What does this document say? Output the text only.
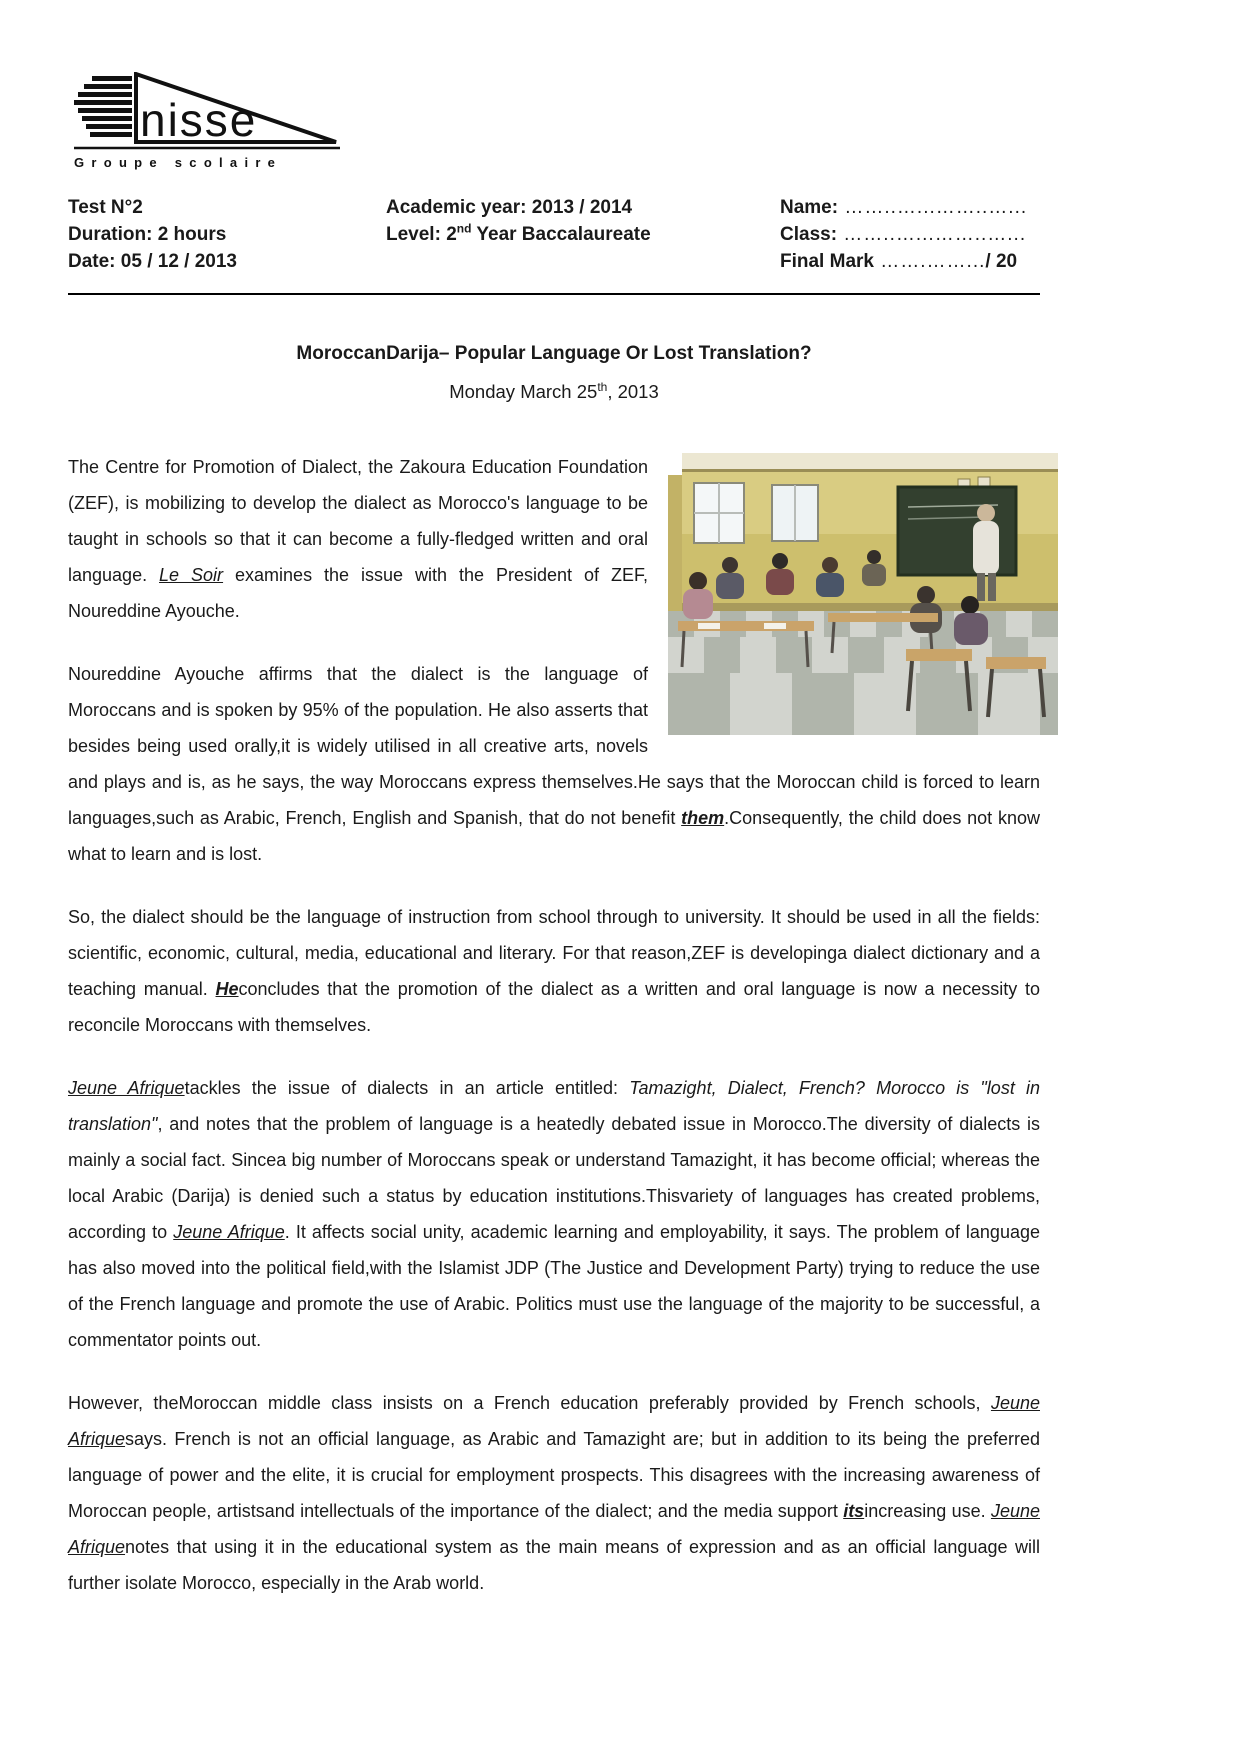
nisse
Groupe scolaire
Test N°2
Duration: 2 hours
Date: 05 / 12 / 2013
Academic year: 2013 / 2014
Level: 2nd Year Baccalaureate
Name: ……..…...……..…...
Class: ……..…...……..…...
Final Mark …….…….../ 20
MoroccanDarija– Popular Language Or Lost Translation?
Monday March 25th, 2013

The Centre for Promotion of Dialect, the Zakoura Education Foundation (ZEF), is mobilizing to develop the dialect as Morocco's language to be taught in schools so that it can become a fully-fledged written and oral language. Le Soir examines the issue with the President of ZEF, Noureddine Ayouche.

Noureddine Ayouche affirms that the dialect is the language of Moroccans and is spoken by 95% of the population. He also asserts that besides being used orally,it is widely utilised in all creative arts, novels and plays and is, as he says, the way Moroccans express themselves.He says that the Moroccan child is forced to learn languages,such as Arabic, French, English and Spanish, that do not benefit them.Consequently, the child does not know what to learn and is lost.

So, the dialect should be the language of instruction from school through to university. It should be used in all the fields: scientific, economic, cultural, media, educational and literary. For that reason,ZEF is developinga dialect dictionary and a teaching manual. Heconcludes that the promotion of the dialect as a written and oral language is now a necessity to reconcile Moroccans with themselves.

Jeune Afriquetackles the issue of dialects in an article entitled: Tamazight, Dialect, French? Morocco is "lost in translation", and notes that the problem of language is a heatedly debated issue in Morocco.The diversity of dialects is mainly a social fact. Sincea big number of Moroccans speak or understand Tamazight, it has become official; whereas the local Arabic (Darija) is denied such a status by education institutions.Thisvariety of languages has created problems, according to Jeune Afrique. It affects social unity, academic learning and employability, it says. The problem of language has also moved into the political field,with the Islamist JDP (The Justice and Development Party) trying to reduce the use of the French language and promote the use of Arabic. Politics must use the language of the majority to be successful, a commentator points out.

However, theMoroccan middle class insists on a French education preferably provided by French schools, Jeune Afriquesays. French is not an official language, as Arabic and Tamazight are; but in addition to its being the preferred language of power and the elite, it is crucial for employment prospects. This disagrees with the increasing awareness of Moroccan people, artistsand intellectuals of the importance of the dialect; and the media support itsincreasing use. Jeune Afriquenotes that using it in the educational system as the main means of expression and as an official language will further isolate Morocco, especially in the Arab world.
